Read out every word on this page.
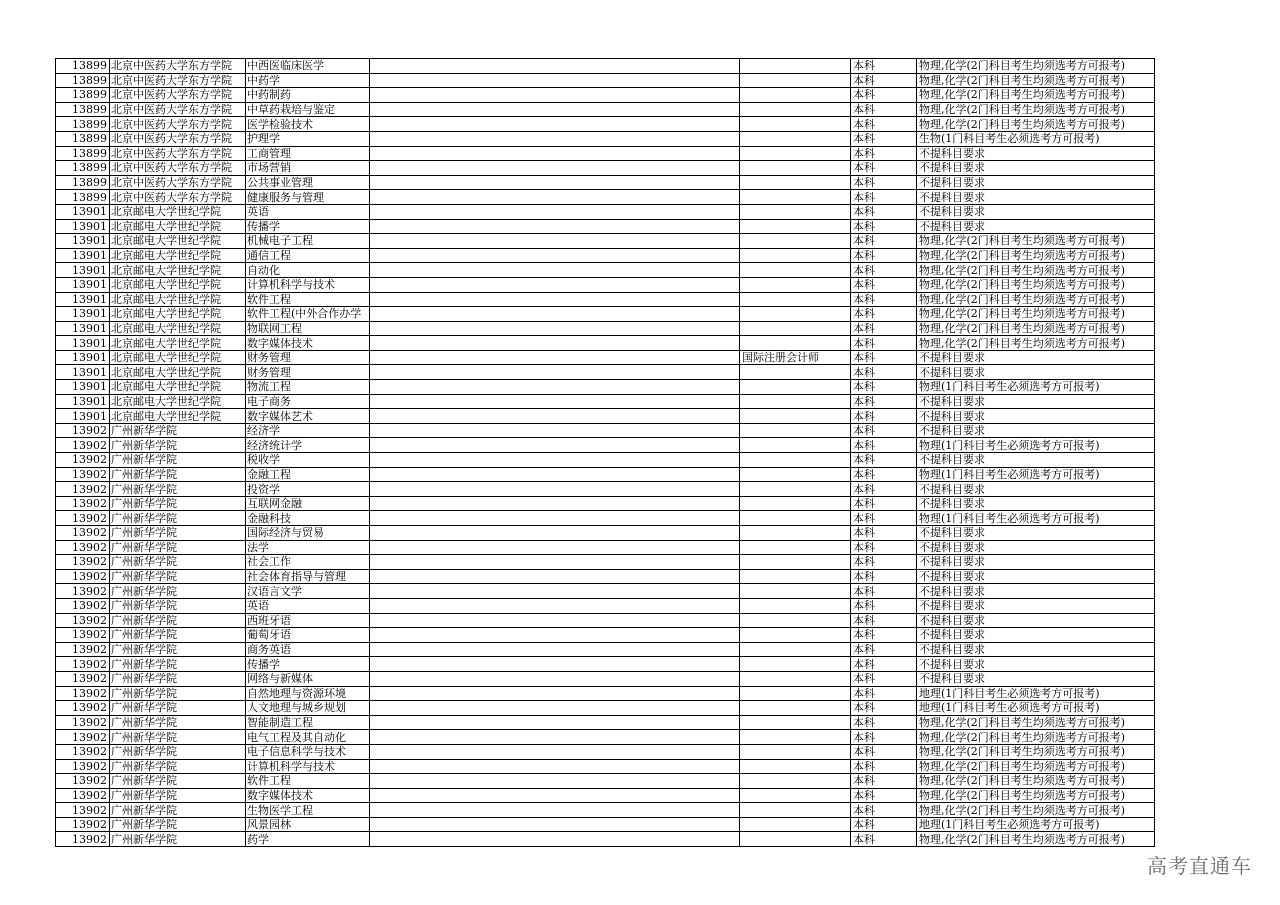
13899	北京中医药大学东方学院	中西医临床医学			本科	物理,化学(2门科目考生均须选考方可报考)
13899	北京中医药大学东方学院	中药学			本科	物理,化学(2门科目考生均须选考方可报考)
13899	北京中医药大学东方学院	中药制药			本科	物理,化学(2门科目考生均须选考方可报考)
13899	北京中医药大学东方学院	中草药栽培与鉴定			本科	物理,化学(2门科目考生均须选考方可报考)
13899	北京中医药大学东方学院	医学检验技术			本科	物理,化学(2门科目考生均须选考方可报考)
13899	北京中医药大学东方学院	护理学			本科	生物(1门科目考生必须选考方可报考)
13899	北京中医药大学东方学院	工商管理			本科	不提科目要求
13899	北京中医药大学东方学院	市场营销			本科	不提科目要求
13899	北京中医药大学东方学院	公共事业管理			本科	不提科目要求
13899	北京中医药大学东方学院	健康服务与管理			本科	不提科目要求
13901	北京邮电大学世纪学院	英语			本科	不提科目要求
13901	北京邮电大学世纪学院	传播学			本科	不提科目要求
13901	北京邮电大学世纪学院	机械电子工程			本科	物理,化学(2门科目考生均须选考方可报考)
13901	北京邮电大学世纪学院	通信工程			本科	物理,化学(2门科目考生均须选考方可报考)
13901	北京邮电大学世纪学院	自动化			本科	物理,化学(2门科目考生均须选考方可报考)
13901	北京邮电大学世纪学院	计算机科学与技术			本科	物理,化学(2门科目考生均须选考方可报考)
13901	北京邮电大学世纪学院	软件工程			本科	物理,化学(2门科目考生均须选考方可报考)
13901	北京邮电大学世纪学院	软件工程(中外合作办学			本科	物理,化学(2门科目考生均须选考方可报考)
13901	北京邮电大学世纪学院	物联网工程			本科	物理,化学(2门科目考生均须选考方可报考)
13901	北京邮电大学世纪学院	数字媒体技术			本科	物理,化学(2门科目考生均须选考方可报考)
13901	北京邮电大学世纪学院	财务管理		国际注册会计师	本科	不提科目要求
13901	北京邮电大学世纪学院	财务管理			本科	不提科目要求
13901	北京邮电大学世纪学院	物流工程			本科	物理(1门科目考生必须选考方可报考)
13901	北京邮电大学世纪学院	电子商务			本科	不提科目要求
13901	北京邮电大学世纪学院	数字媒体艺术			本科	不提科目要求
13902	广州新华学院	经济学			本科	不提科目要求
13902	广州新华学院	经济统计学			本科	物理(1门科目考生必须选考方可报考)
13902	广州新华学院	税收学			本科	不提科目要求
13902	广州新华学院	金融工程			本科	物理(1门科目考生必须选考方可报考)
13902	广州新华学院	投资学			本科	不提科目要求
13902	广州新华学院	互联网金融			本科	不提科目要求
13902	广州新华学院	金融科技			本科	物理(1门科目考生必须选考方可报考)
13902	广州新华学院	国际经济与贸易			本科	不提科目要求
13902	广州新华学院	法学			本科	不提科目要求
13902	广州新华学院	社会工作			本科	不提科目要求
13902	广州新华学院	社会体育指导与管理			本科	不提科目要求
13902	广州新华学院	汉语言文学			本科	不提科目要求
13902	广州新华学院	英语			本科	不提科目要求
13902	广州新华学院	西班牙语			本科	不提科目要求
13902	广州新华学院	葡萄牙语			本科	不提科目要求
13902	广州新华学院	商务英语			本科	不提科目要求
13902	广州新华学院	传播学			本科	不提科目要求
13902	广州新华学院	网络与新媒体			本科	不提科目要求
13902	广州新华学院	自然地理与资源环境			本科	地理(1门科目考生必须选考方可报考)
13902	广州新华学院	人文地理与城乡规划			本科	地理(1门科目考生必须选考方可报考)
13902	广州新华学院	智能制造工程			本科	物理,化学(2门科目考生均须选考方可报考)
13902	广州新华学院	电气工程及其自动化			本科	物理,化学(2门科目考生均须选考方可报考)
13902	广州新华学院	电子信息科学与技术			本科	物理,化学(2门科目考生均须选考方可报考)
13902	广州新华学院	计算机科学与技术			本科	物理,化学(2门科目考生均须选考方可报考)
13902	广州新华学院	软件工程			本科	物理,化学(2门科目考生均须选考方可报考)
13902	广州新华学院	数字媒体技术			本科	物理,化学(2门科目考生均须选考方可报考)
13902	广州新华学院	生物医学工程			本科	物理,化学(2门科目考生均须选考方可报考)
13902	广州新华学院	风景园林			本科	地理(1门科目考生必须选考方可报考)
13902	广州新华学院	药学			本科	物理,化学(2门科目考生均须选考方可报考)
高考直通车
